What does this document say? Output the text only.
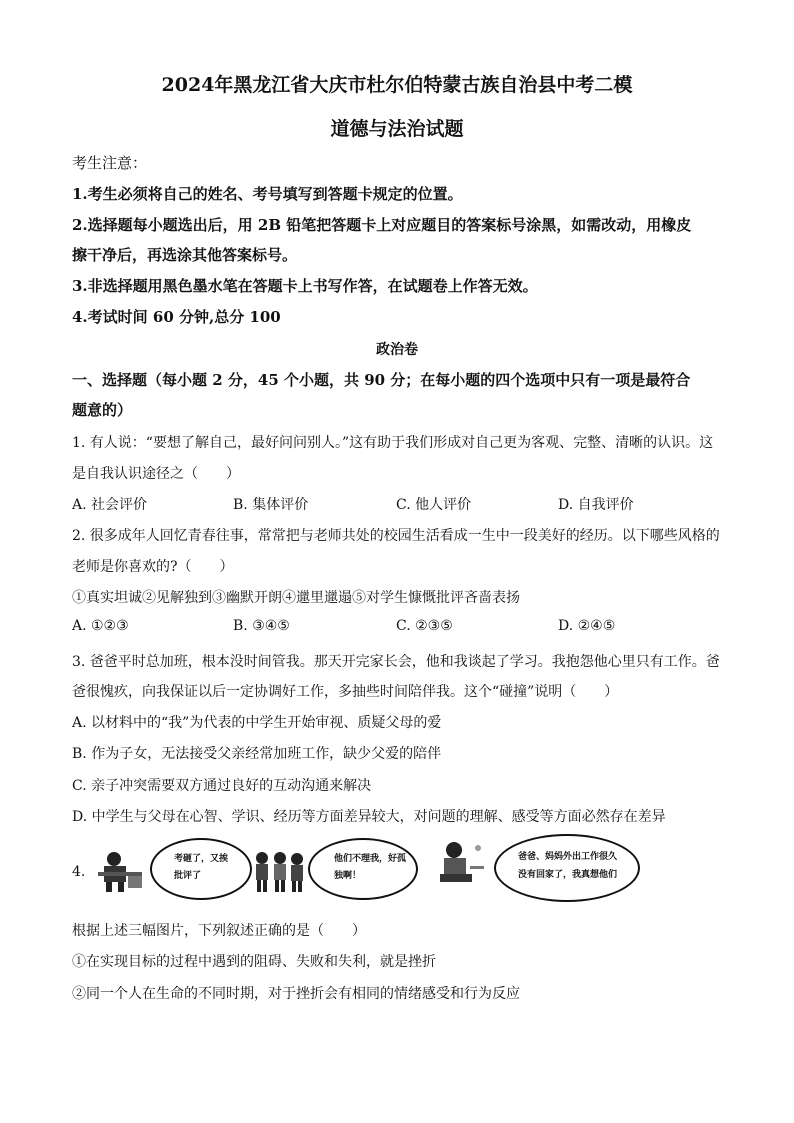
2024年黑龙江省大庆市杜尔伯特蒙古族自治县中考二模
道德与法治试题
考生注意：
1.考生必须将自己的姓名、考号填写到答题卡规定的位置。
2.选择题每小题选出后，用 2B 铅笔把答题卡上对应题目的答案标号涂黑，如需改动，用橡皮
擦干净后，再选涂其他答案标号。
3.非选择题用黑色墨水笔在答题卡上书写作答，在试题卷上作答无效。
4.考试时间 60 分钟,总分 100
政治卷
一、选择题（每小题 2 分，45 个小题，共 90 分；在每小题的四个选项中只有一项是最符合
题意的）
1. 有人说：“要想了解自己，最好问问别人。”这有助于我们形成对自己更为客观、完整、清晰的认识。这
是自我认识途径之（　　）
A. 社会评价	B. 集体评价	C. 他人评价	D. 自我评价
2. 很多成年人回忆青春往事，常常把与老师共处的校园生活看成一生中一段美好的经历。以下哪些风格的
老师是你喜欢的?（　　）
①真实坦诚②见解独到③幽默开朗④邋里邋遢⑤对学生慷慨批评吝啬表扬
A. ①②③	B. ③④⑤	C. ②③⑤	D. ②④⑤
3. 爸爸平时总加班，根本没时间管我。那天开完家长会，他和我谈起了学习。我抱怨他心里只有工作。爸
爸很愧疚，向我保证以后一定协调好工作，多抽些时间陪伴我。这个“碰撞”说明（　　）
A. 以材料中的“我”为代表的中学生开始审视、质疑父母的爱
B. 作为子女，无法接受父亲经常加班工作，缺少父爱的陪伴
C. 亲子冲突需要双方通过良好的互动沟通来解决
D. 中学生与父母在心智、学识、经历等方面差异较大，对问题的理解、感受等方面必然存在差异
4.
考砸了，又挨
批评了
他们不理我，好孤
独啊！
爸爸、妈妈外出工作很久
没有回家了，我真想他们
根据上述三幅图片，下列叙述正确的是（　　）
①在实现目标的过程中遇到的阻碍、失败和失利，就是挫折
②同一个人在生命的不同时期，对于挫折会有相同的情绪感受和行为反应
